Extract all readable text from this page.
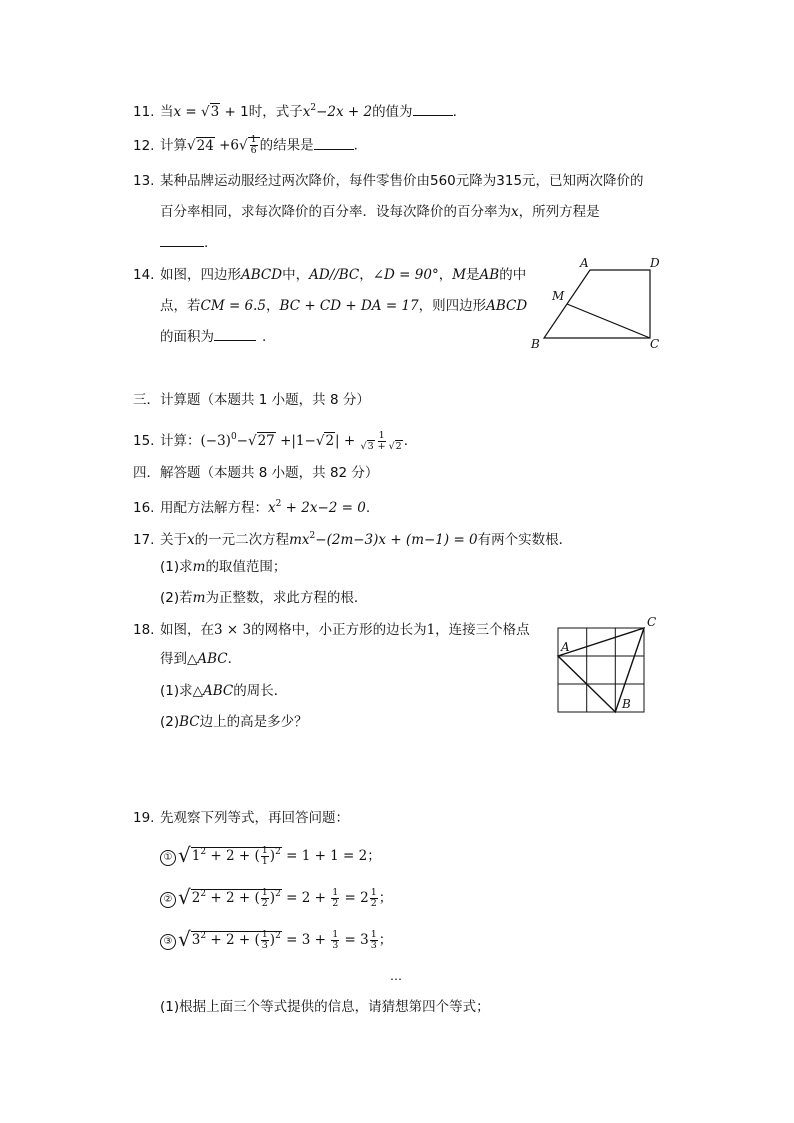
11. 当x = √3 + 1时，式子$x^2-2x + 2$的值为	.
12. 计算$√24 +6√ \frac{1}{6}$ 的结果是	.
13. 某种品牌运动服经过两次降价，每件零售价由560元降为315元，已知两次降价的
百分率相同，求每次降价的百分率．设每次降价的百分率为x，所列方程是
.
14. 如图，四边形ABCD中，AD//BC，∠D = 90°，M是AB的中
点，若CM = 6.5，BC + CD + DA = 17，则四边形ABCD
的面积为	.
A	D
M
B	C
三．计算题（本题共 1 小题，共 8 分）
15. 计算：$(-3)^0-√27 +|1-√2| + \frac{1}{√3 + √2}$ .
四．解答题（本题共 8 小题，共 82 分）
16. 用配方法解方程：$x^2 + 2x-2 = 0$.
17. 关于x的一元二次方程$mx^2-(2m-3)x + (m-1) = 0$有两个实数根．
(1)求m的取值范围；
(2)若m为正整数，求此方程的根．
18. 如图，在3 × 3的网格中，小正方形的边长为1，连接三个格点
得到△ABC．
(1)求△ABC的周长．
(2)BC边上的高是多少？
A
C
B
19. 先观察下列等式，再回答问题：
① $√1^2 + 2$ + ( $\frac{1}{1} )^2 = 1 + 1 = 2$；
② $√2^2 + 2$ + ( $\frac{1}{2} )^2 = 2 + \frac{1}{2} = 2 \frac{1}{2}$ ；
③ $√3^2 + 2$ + ( $\frac{1}{3} )^2 = 3 + \frac{1}{3} = 3 \frac{1}{3}$ ；
…
(1)根据上面三个等式提供的信息，请猜想第四个等式；
